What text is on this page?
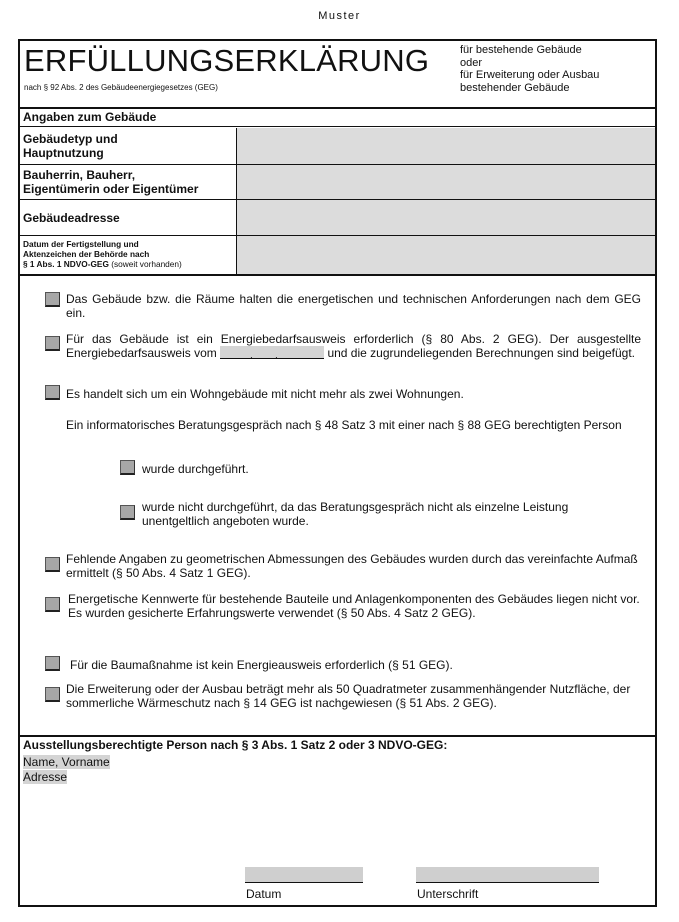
Muster
ERFÜLLUNGSERKLÄRUNG
nach § 92 Abs. 2 des Gebäudeenergiegesetzes (GEG)
für bestehende Gebäude
oder
für Erweiterung oder Ausbau
bestehender Gebäude
Angaben zum Gebäude
Gebäudetyp und
Hauptnutzung
Bauherrin, Bauherr,
Eigentümerin oder Eigentümer
Gebäudeadresse
Datum der Fertigstellung und
Aktenzeichen der Behörde nach
§ 1 Abs. 1 NDVO-GEG (soweit vorhanden)
Das Gebäude bzw. die Räume halten die energetischen und technischen Anforderungen nach dem GEG ein.
Für das Gebäude ist ein Energiebedarfsausweis erforderlich (§ 80 Abs. 2 GEG). Der ausgestellte Energiebedarfsausweis vom	. .	und die zugrundeliegenden Berechnungen sind beigefügt.
Es handelt sich um ein Wohngebäude mit nicht mehr als zwei Wohnungen.
Ein informatorisches Beratungsgespräch nach § 48 Satz 3 mit einer nach § 88 GEG berechtigten Person
wurde durchgeführt.
wurde nicht durchgeführt, da das Beratungsgespräch nicht als einzelne Leistung unentgeltlich angeboten wurde.
Fehlende Angaben zu geometrischen Abmessungen des Gebäudes wurden durch das vereinfachte Aufmaß ermittelt (§ 50 Abs. 4 Satz 1 GEG).
Energetische Kennwerte für bestehende Bauteile und Anlagenkomponenten des Gebäudes liegen nicht vor. Es wurden gesicherte Erfahrungswerte verwendet (§ 50 Abs. 4 Satz 2 GEG).
Für die Baumaßnahme ist kein Energieausweis erforderlich (§ 51 GEG).
Die Erweiterung oder der Ausbau beträgt mehr als 50 Quadratmeter zusammenhängender Nutzfläche, der sommerliche Wärmeschutz nach § 14 GEG ist nachgewiesen (§ 51 Abs. 2 GEG).
Ausstellungsberechtigte Person nach § 3 Abs. 1 Satz 2 oder 3 NDVO-GEG:
Name, Vorname
Adresse
Datum	Unterschrift
